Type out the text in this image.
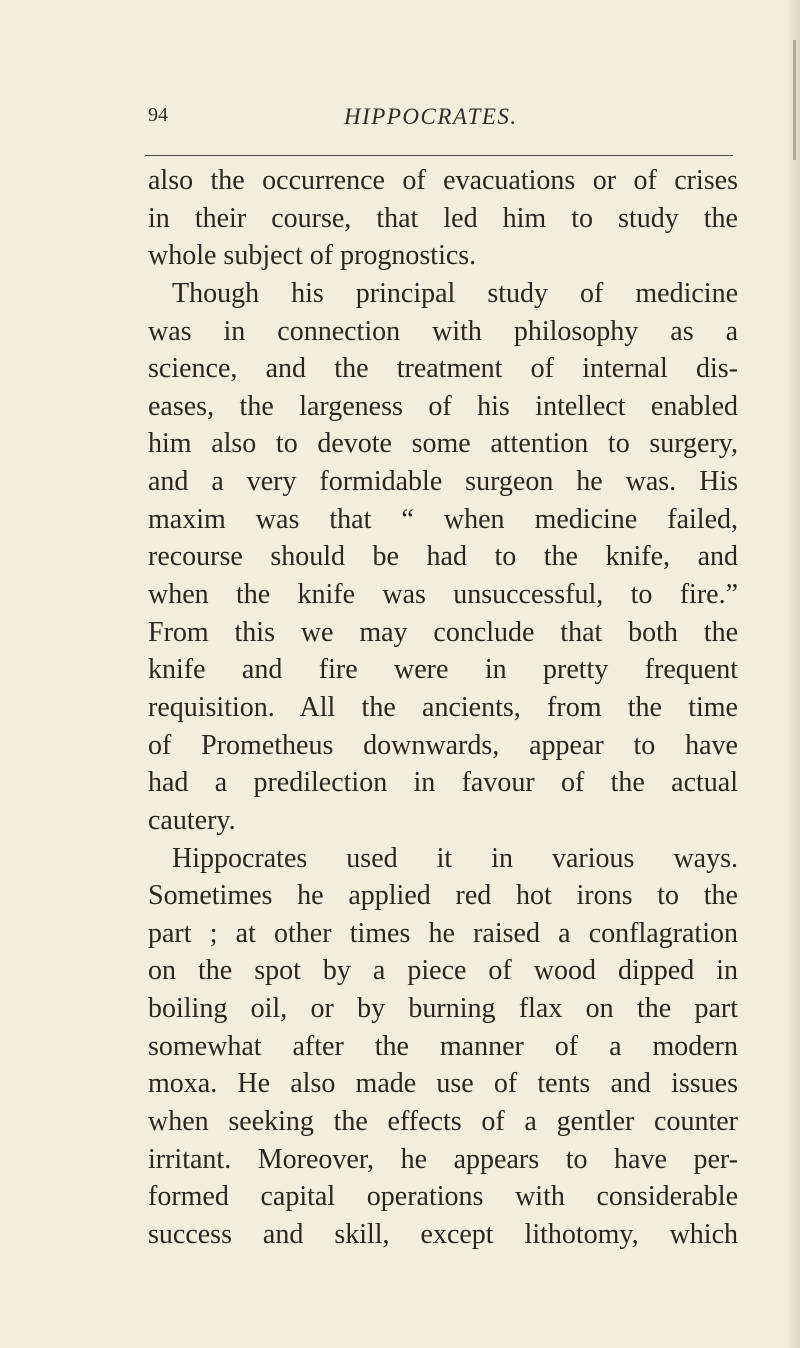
94	HIPPOCRATES.
also the occurrence of evacuations or of crises
in their course, that led him to study the
whole subject of prognostics.
Though his principal study of medicine
was in connection with philosophy as a
science, and the treatment of internal dis-
eases, the largeness of his intellect enabled
him also to devote some attention to surgery,
and a very formidable surgeon he was. His
maxim was that “ when medicine failed,
recourse should be had to the knife, and
when the knife was unsuccessful, to fire.”
From this we may conclude that both the
knife and fire were in pretty frequent
requisition. All the ancients, from the time
of Prometheus downwards, appear to have
had a predilection in favour of the actual
cautery.
Hippocrates used it in various ways.
Sometimes he applied red hot irons to the
part ; at other times he raised a conflagration
on the spot by a piece of wood dipped in
boiling oil, or by burning flax on the part
somewhat after the manner of a modern
moxa. He also made use of tents and issues
when seeking the effects of a gentler counter
irritant. Moreover, he appears to have per-
formed capital operations with considerable
success and skill, except lithotomy, which
